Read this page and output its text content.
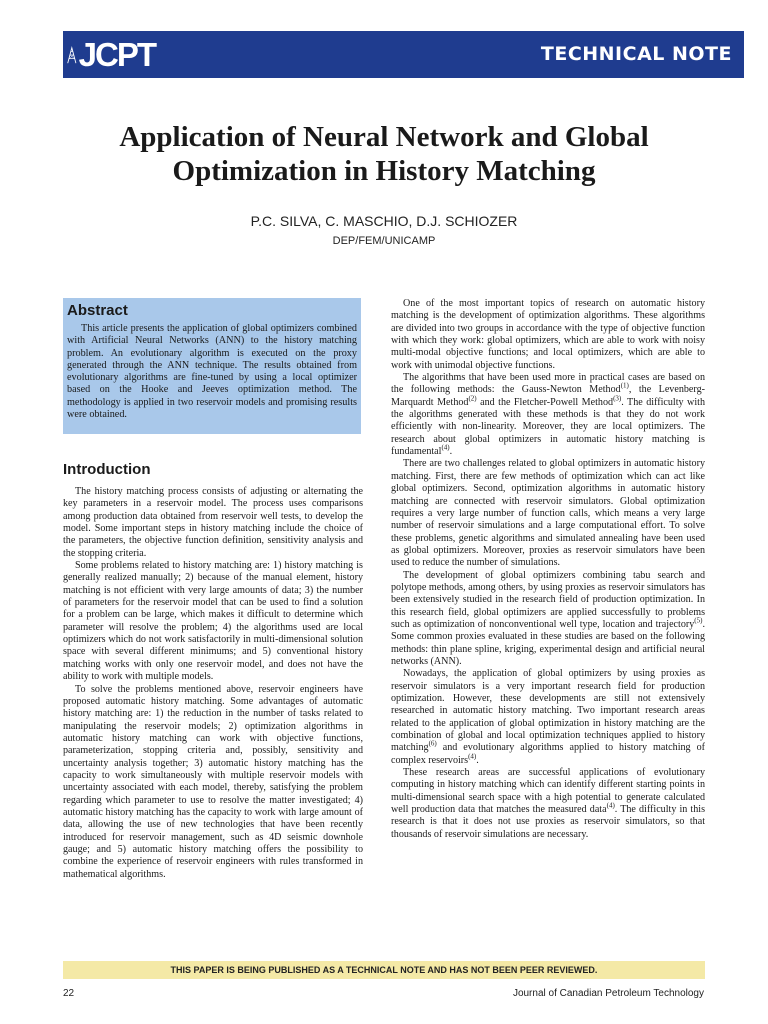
JCPT	TECHNICAL NOTE
Application of Neural Network and Global
Optimization in History Matching
P.C. SILVA, C. MASCHIO, D.J. SCHIOZER
DEP/FEM/UNICAMP
Abstract

This article presents the application of global optimizers combined with Artificial Neural Networks (ANN) to the history matching problem. An evolutionary algorithm is executed on the proxy generated through the ANN technique. The results obtained from evolutionary algorithms are fine-tuned by using a local optimizer based on the Hooke and Jeeves optimization method. The methodology is applied in two reservoir models and promising results were obtained.

Introduction

The history matching process consists of adjusting or alternating the key parameters in a reservoir model. The process uses comparisons among production data obtained from reservoir well tests, to develop the model. Some important steps in history matching include the choice of the parameters, the objective function definition, sensitivity analysis and the stopping criteria.

Some problems related to history matching are: 1) history matching is generally realized manually; 2) because of the manual element, history matching is not efficient with very large amounts of data; 3) the number of parameters for the reservoir model that can be used to find a solution for a problem can be large, which makes it difficult to determine which parameter will resolve the problem; 4) the algorithms used are local optimizers which do not work satisfactorily in multi-dimensional solution space with several different minimums; and 5) conventional history matching works with only one reservoir model, and does not have the ability to work with multiple models.

To solve the problems mentioned above, reservoir engineers have proposed automatic history matching. Some advantages of automatic history matching are: 1) the reduction in the number of tasks related to manipulating the reservoir models; 2) optimization algorithms in automatic history matching can work with objective functions, parameterization, stopping criteria and, possibly, sensitivity and uncertainty analysis together; 3) automatic history matching has the capacity to work simultaneously with multiple reservoir models with uncertainty associated with each model, thereby, satisfying the problem regarding which parameter to use to resolve the matter investigated; 4) automatic history matching has the capacity to work with large amount of data, allowing the use of new technologies that have been recently introduced for reservoir management, such as 4D seismic downhole gauge; and 5) automatic history matching offers the possibility to combine the experience of reservoir engineers with rules transformed in mathematical algorithms.

One of the most important topics of research on automatic history matching is the development of optimization algorithms. These algorithms are divided into two groups in accordance with the type of objective function with which they work: global optimizers, which are able to work with noisy multi-modal objective functions; and local optimizers, which are able to work with unimodal objective functions.

The algorithms that have been used more in practical cases are based on the following methods: the Gauss-Newton Method$^{(1)}$, the Levenberg-Marquardt Method$^{(2)}$ and the Fletcher-Powell Method$^{(3)}$. The difficulty with the algorithms generated with these methods is that they do not work efficiently with non-linearity. Moreover, they are local optimizers. The research about global optimizers in automatic history matching is fundamental$^{(4)}$.

There are two challenges related to global optimizers in automatic history matching. First, there are few methods of optimization which can act like global optimizers. Second, optimization algorithms in automatic history matching are connected with reservoir simulators. Global optimization requires a very large number of function calls, which means a very large number of reservoir simulations and a large computational effort. To solve these problems, genetic algorithms and simulated annealing have been used as global optimizers. Moreover, proxies as reservoir simulators have been used to reduce the number of simulations.

The development of global optimizers combining tabu search and polytope methods, among others, by using proxies as reservoir simulators has been extensively studied in the research field of production optimization. In this research field, global optimizers are applied successfully to problems such as optimization of nonconventional well type, location and trajectory$^{(5)}$. Some common proxies evaluated in these studies are based on the following methods: thin plane spline, kriging, experimental design and artificial neural networks (ANN).

Nowadays, the application of global optimizers by using proxies as reservoir simulators is a very important research field for production optimization. However, these developments are still not extensively researched in automatic history matching. Two important research areas related to the application of global optimization in history matching are the combination of global and local optimization techniques applied to history matching$^{(6)}$ and evolutionary algorithms applied to history matching of complex reservoirs$^{(4)}$.

These research areas are successful applications of evolutionary computing in history matching which can identify different starting points in multi-dimensional search space with a high potential to generate calculated well production data that matches the measured data$^{(4)}$. The difficulty in this research is that it does not use proxies as reservoir simulators, so that thousands of reservoir simulations are necessary.

THIS PAPER IS BEING PUBLISHED AS A TECHNICAL NOTE AND HAS NOT BEEN PEER REVIEWED.
22	Journal of Canadian Petroleum Technology
